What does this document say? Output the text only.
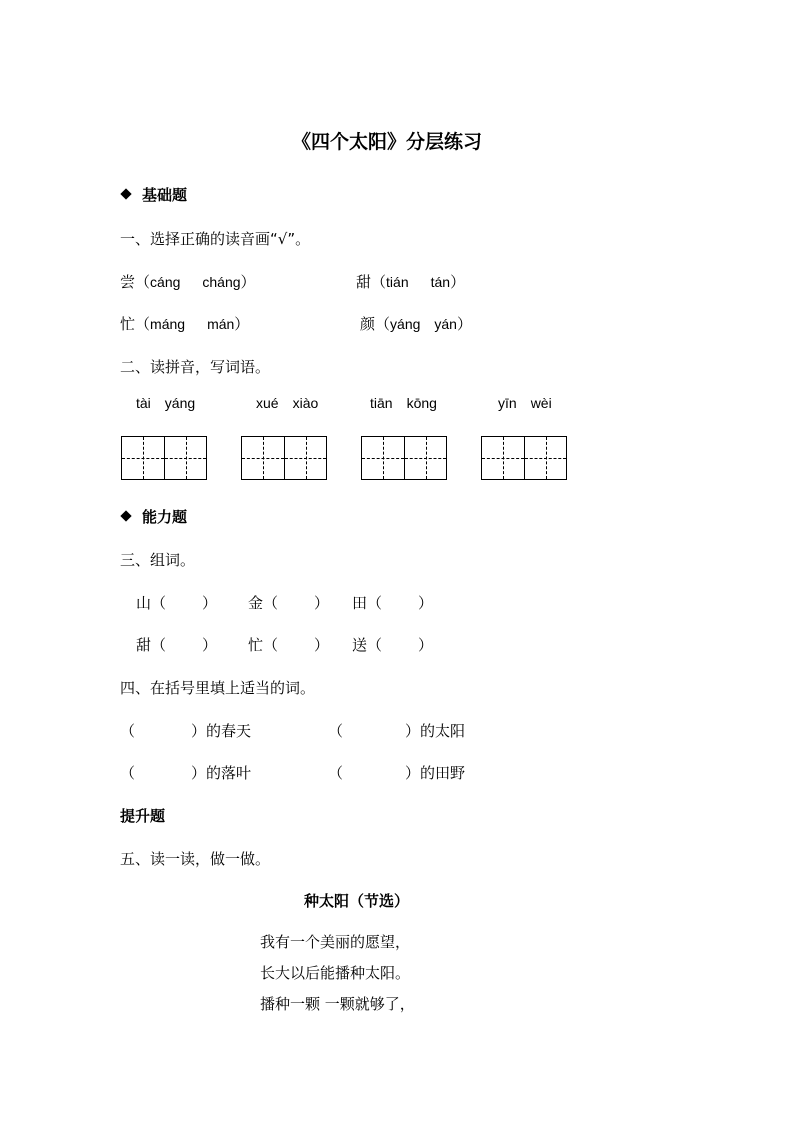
《四个太阳》分层练习
基础题
一、选择正确的读音画“√”。
尝（cáng cháng）	甜（tián tán）
忙（máng mán）	颜（yáng yán）
二、读拼音，写词语。
tài yáng	xué xiào	tiān kōng	yīn wèi
能力题
三、组词。
山（ ） 金（ ） 田（ ）
甜（ ） 忙（ ） 送（ ）
四、在括号里填上适当的词。
（	）的春天	（	）的太阳
（	）的落叶	（	）的田野
提升题
五、读一读，做一做。
种太阳（节选）
我有一个美丽的愿望，
长大以后能播种太阳。
播种一颗 一颗就够了，
